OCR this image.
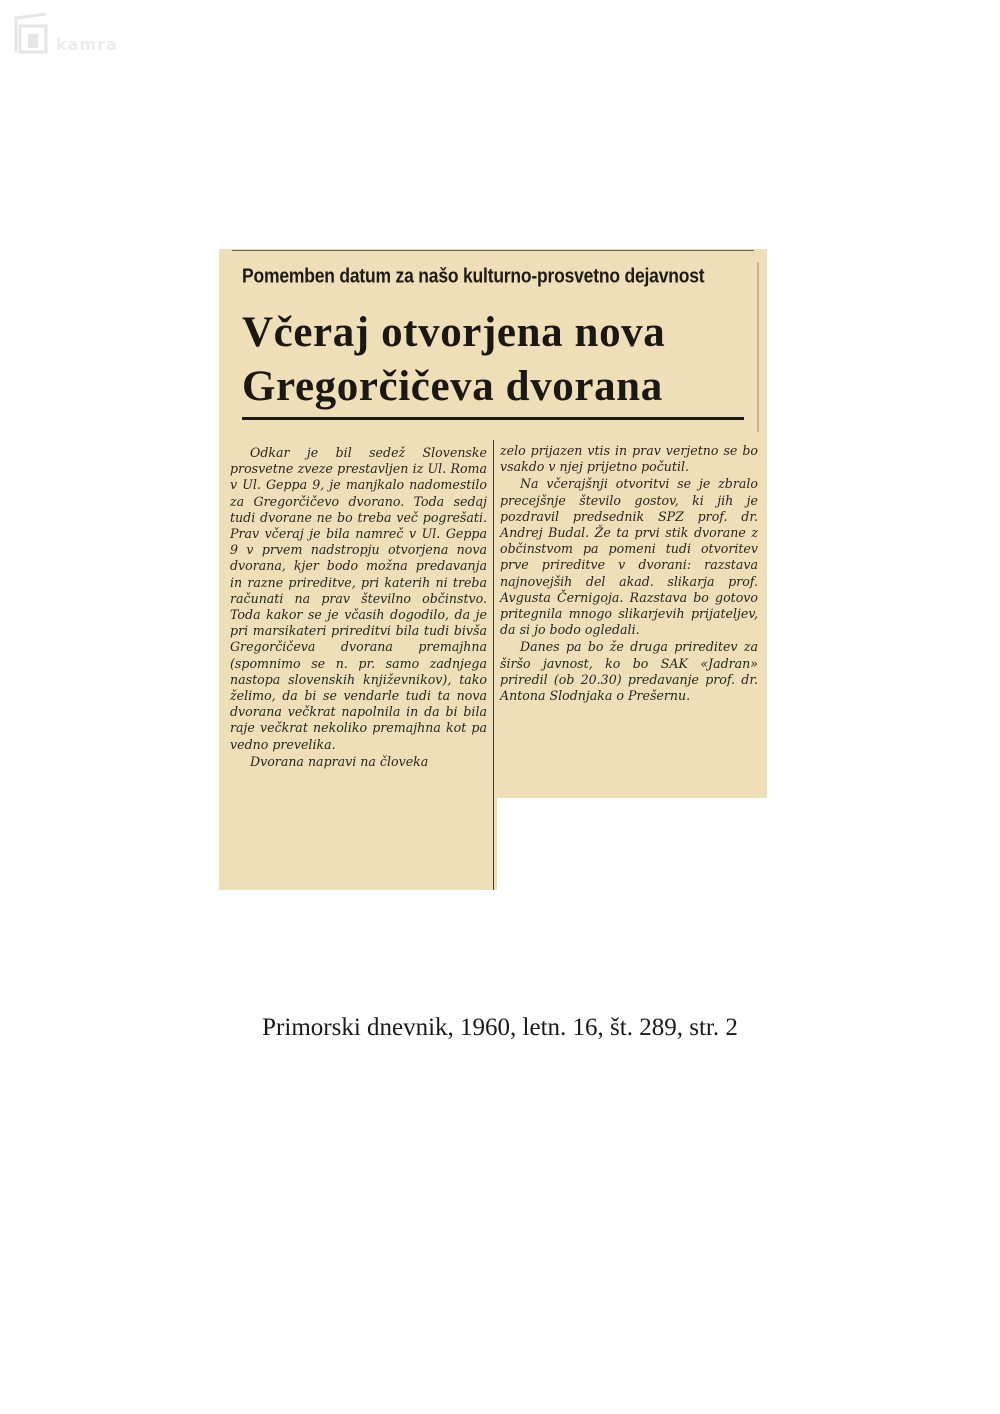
kamra
Pomemben datum za našo kulturno-prosvetno dejavnost
Včeraj otvorjena nova
Gregorčičeva dvorana

Odkar je bil sedež Slovenske prosvetne zveze prestavljen iz Ul. Roma v Ul. Geppa 9, je manjkalo nadomestilo za Gregorčičevo dvorano. Toda sedaj tudi dvorane ne bo treba več pogrešati. Prav včeraj je bila namreč v Ul. Geppa 9 v prvem nadstropju otvorjena nova dvorana, kjer bodo možna predavanja in razne prireditve, pri katerih ni treba računati na prav številno občinstvo. Toda kakor se je včasih dogodilo, da je pri marsikateri prireditvi bila tudi bivša Gregorčičeva dvorana premajhna (spomnimo se n. pr. samo zadnjega nastopa slovenskih književnikov), tako želimo, da bi se vendarle tudi ta nova dvorana večkrat napolnila in da bi bila raje večkrat nekoliko premajhna kot pa vedno prevelika.

Dvorana napravi na človeka

zelo prijazen vtis in prav verjetno se bo vsakdo v njej prijetno počutil.

Na včerajšnji otvoritvi se je zbralo precejšnje število gostov, ki jih je pozdravil predsednik SPZ prof. dr. Andrej Budal. Že ta prvi stik dvorane z občinstvom pa pomeni tudi otvoritev prve prireditve v dvorani: razstava najnovejših del akad. slikarja prof. Avgusta Černigoja. Razstava bo gotovo pritegnila mnogo slikarjevih prijateljev, da si jo bodo ogledali.

Danes pa bo že druga prireditev za širšo javnost, ko bo SAK «Jadran» priredil (ob 20.30) predavanje prof. dr. Antona Slodnjaka o Prešernu.

Primorski dnevnik, 1960, letn. 16, št. 289, str. 2
